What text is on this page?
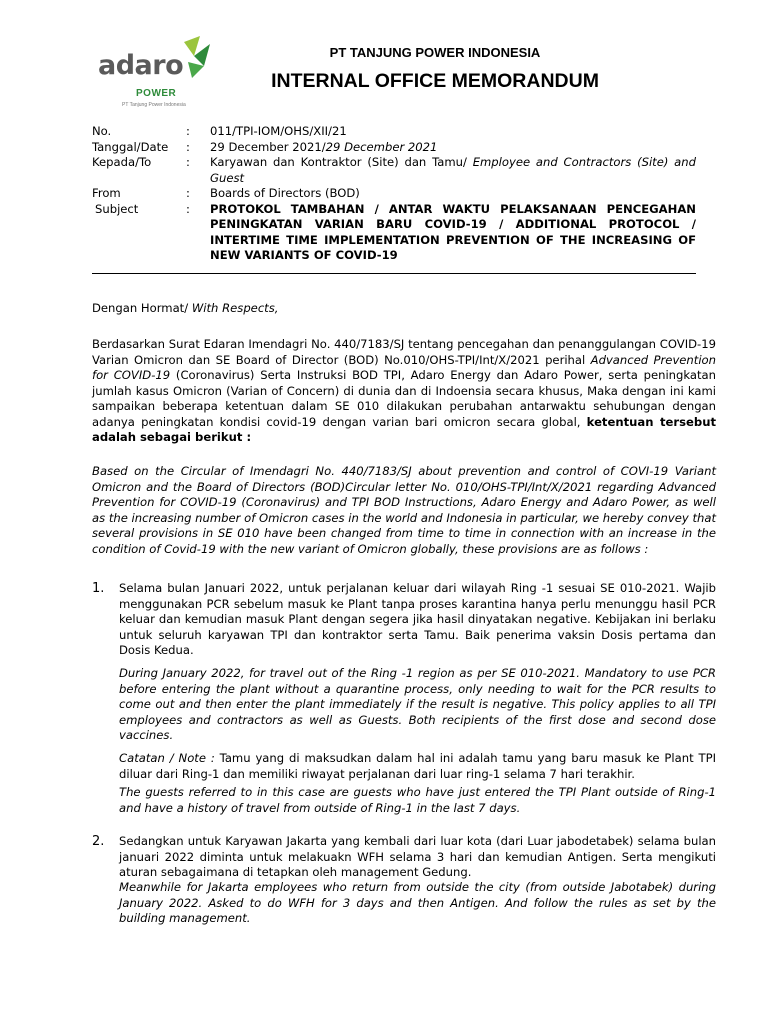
adaro
POWER
PT Tanjung Power Indonesia
PT TANJUNG POWER INDONESIA
INTERNAL OFFICE MEMORANDUM
No.	:	011/TPI-IOM/OHS/XII/21
Tanggal/Date	:	29 December 2021/29 December 2021
Kepada/To	:	Karyawan dan Kontraktor (Site) dan Tamu/ Employee and Contractors (Site) and Guest
From	:	Boards of Directors (BOD)
Subject	:	PROTOKOL TAMBAHAN / ANTAR WAKTU PELAKSANAAN PENCEGAHAN PENINGKATAN VARIAN BARU COVID-19 / ADDITIONAL PROTOCOL / INTERTIME TIME IMPLEMENTATION PREVENTION OF THE INCREASING OF NEW VARIANTS OF COVID-19
Dengan Hormat/ With Respects,
Berdasarkan Surat Edaran Imendagri No. 440/7183/SJ tentang pencegahan dan penanggulangan COVID-19 Varian Omicron dan SE Board of Director (BOD) No.010/OHS-TPI/Int/X/2021 perihal Advanced Prevention for COVID-19 (Coronavirus) Serta Instruksi BOD TPI, Adaro Energy dan Adaro Power, serta peningkatan jumlah kasus Omicron (Varian of Concern) di dunia dan di Indoensia secara khusus, Maka dengan ini kami sampaikan beberapa ketentuan dalam SE 010 dilakukan perubahan antarwaktu sehubungan dengan adanya peningkatan kondisi covid-19 dengan varian bari omicron secara global, ketentuan tersebut adalah sebagai berikut :
Based on the Circular of Imendagri No. 440/7183/SJ about prevention and control of COVI-19 Variant Omicron and the Board of Directors (BOD)Circular letter No. 010/OHS-TPI/Int/X/2021 regarding Advanced Prevention for COVID-19 (Coronavirus) and TPI BOD Instructions, Adaro Energy and Adaro Power, as well as the increasing number of Omicron cases in the world and Indonesia in particular, we hereby convey that several provisions in SE 010 have been changed from time to time in connection with an increase in the condition of Covid-19 with the new variant of Omicron globally, these provisions are as follows :
1. Selama bulan Januari 2022, untuk perjalanan keluar dari wilayah Ring -1 sesuai SE 010-2021. Wajib menggunakan PCR sebelum masuk ke Plant tanpa proses karantina hanya perlu menunggu hasil PCR keluar dan kemudian masuk Plant dengan segera jika hasil dinyatakan negative. Kebijakan ini berlaku untuk seluruh karyawan TPI dan kontraktor serta Tamu. Baik penerima vaksin Dosis pertama dan Dosis Kedua.
During January 2022, for travel out of the Ring -1 region as per SE 010-2021. Mandatory to use PCR before entering the plant without a quarantine process, only needing to wait for the PCR results to come out and then enter the plant immediately if the result is negative. This policy applies to all TPI employees and contractors as well as Guests. Both recipients of the first dose and second dose vaccines.
Catatan / Note : Tamu yang di maksudkan dalam hal ini adalah tamu yang baru masuk ke Plant TPI diluar dari Ring-1 dan memiliki riwayat perjalanan dari luar ring-1 selama 7 hari terakhir.
The guests referred to in this case are guests who have just entered the TPI Plant outside of Ring-1 and have a history of travel from outside of Ring-1 in the last 7 days.
2. Sedangkan untuk Karyawan Jakarta yang kembali dari luar kota (dari Luar jabodetabek) selama bulan januari 2022 diminta untuk melakuakn WFH selama 3 hari dan kemudian Antigen. Serta mengikuti aturan sebagaimana di tetapkan oleh management Gedung.
Meanwhile for Jakarta employees who return from outside the city (from outside Jabotabek) during January 2022. Asked to do WFH for 3 days and then Antigen. And follow the rules as set by the building management.
